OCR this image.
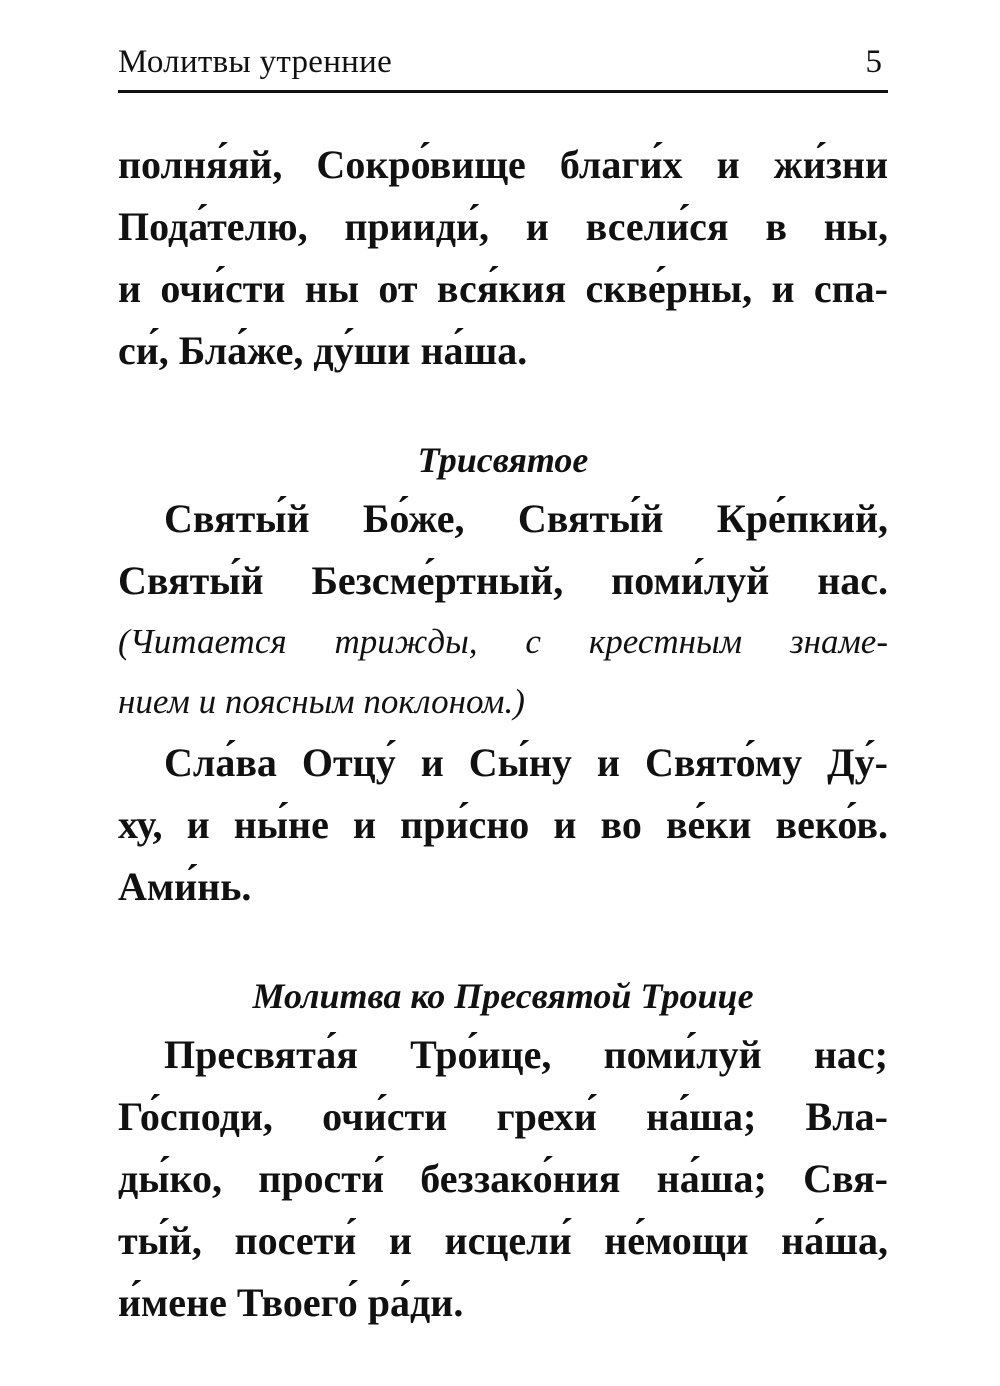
Молитвы утренние	5

полня́яй, Сокро́вище благи́х и жи́зни
Пода́телю, прииди́, и всели́ся в ны,
и очи́сти ны от вся́кия скве́рны, и спа-
си́, Бла́же, ду́ши на́ша.

Трисвятое

Святы́й Бо́же, Святы́й Кре́пкий,
Святы́й Безсме́ртный, поми́луй нас.

(Читается трижды, с крестным знаме-
нием и поясным поклоном.)

Сла́ва Отцу́ и Сы́ну и Свято́му Ду́-
ху, и ны́не и при́сно и во ве́ки веко́в.
Ами́нь.

Молитва ко Пресвятой Троице

Пресвята́я Тро́ице, поми́луй нас;
Го́споди, очи́сти грехи́ на́ша; Вла-
ды́ко, прости́ беззако́ния на́ша; Свя-
ты́й, посети́ и исцели́ не́мощи на́ша,
и́мене Твоего́ ра́ди.
